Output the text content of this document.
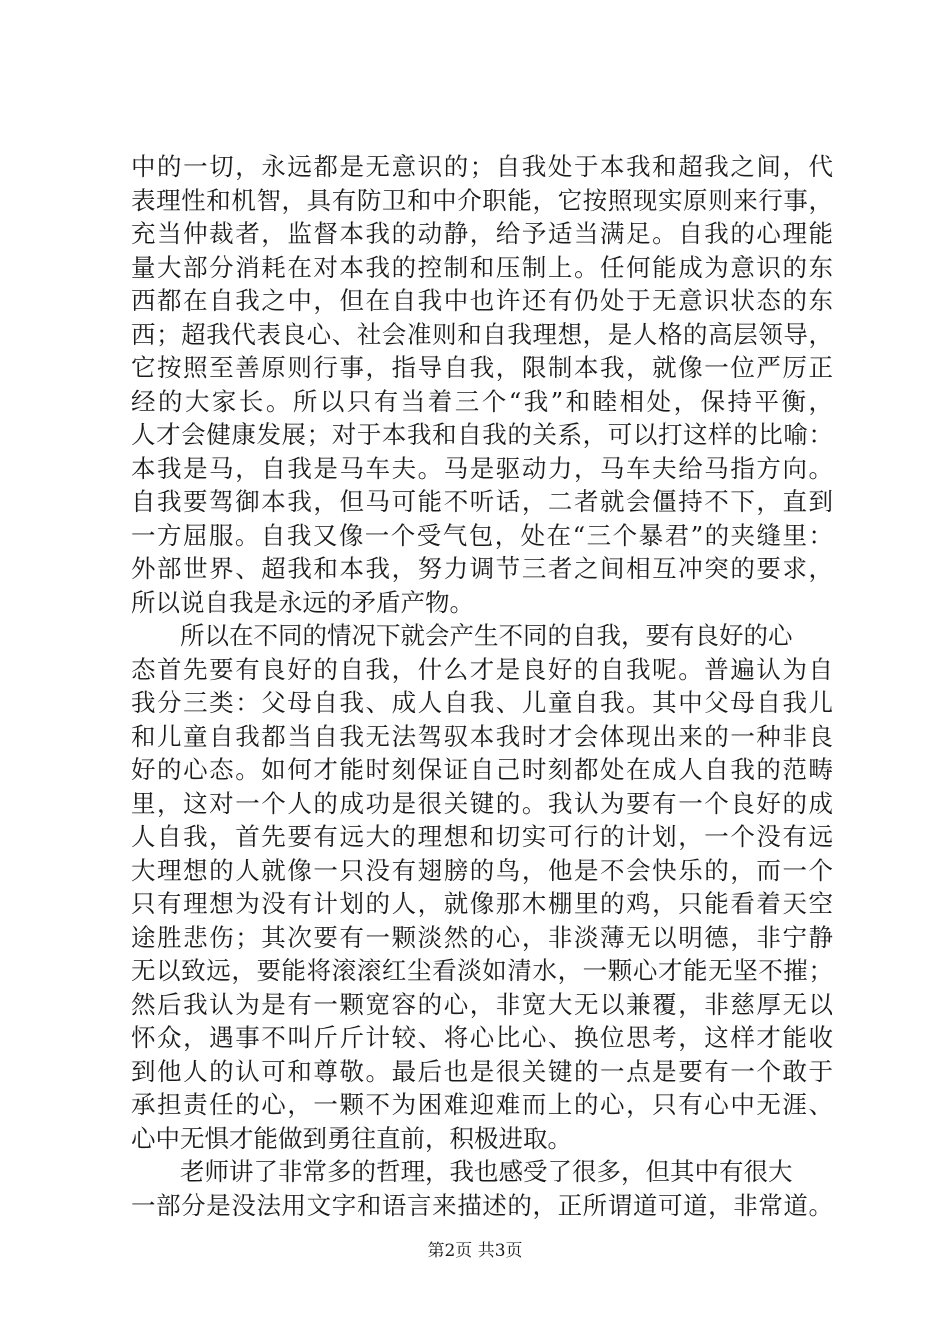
中的一切，永远都是无意识的；自我处于本我和超我之间，代
表理性和机智，具有防卫和中介职能，它按照现实原则来行事，
充当仲裁者，监督本我的动静，给予适当满足。自我的心理能
量大部分消耗在对本我的控制和压制上。任何能成为意识的东
西都在自我之中，但在自我中也许还有仍处于无意识状态的东
西；超我代表良心、社会准则和自我理想，是人格的高层领导，
它按照至善原则行事，指导自我，限制本我，就像一位严厉正
经的大家长。所以只有当着三个“我”和睦相处，保持平衡，
人才会健康发展；对于本我和自我的关系，可以打这样的比喻：
本我是马，自我是马车夫。马是驱动力，马车夫给马指方向。
自我要驾御本我，但马可能不听话，二者就会僵持不下，直到
一方屈服。自我又像一个受气包，处在“三个暴君”的夹缝里：
外部世界、超我和本我，努力调节三者之间相互冲突的要求，
所以说自我是永远的矛盾产物。
所以在不同的情况下就会产生不同的自我，要有良好的心
态首先要有良好的自我，什么才是良好的自我呢。普遍认为自
我分三类：父母自我、成人自我、儿童自我。其中父母自我儿
和儿童自我都当自我无法驾驭本我时才会体现出来的一种非良
好的心态。如何才能时刻保证自己时刻都处在成人自我的范畴
里，这对一个人的成功是很关键的。我认为要有一个良好的成
人自我，首先要有远大的理想和切实可行的计划，一个没有远
大理想的人就像一只没有翅膀的鸟，他是不会快乐的，而一个
只有理想为没有计划的人，就像那木棚里的鸡，只能看着天空
途胜悲伤；其次要有一颗淡然的心，非淡薄无以明德，非宁静
无以致远，要能将滚滚红尘看淡如清水，一颗心才能无坚不摧；
然后我认为是有一颗宽容的心，非宽大无以兼覆，非慈厚无以
怀众，遇事不叫斤斤计较、将心比心、换位思考，这样才能收
到他人的认可和尊敬。最后也是很关键的一点是要有一个敢于
承担责任的心，一颗不为困难迎难而上的心，只有心中无涯、
心中无惧才能做到勇往直前，积极进取。
老师讲了非常多的哲理，我也感受了很多，但其中有很大
一部分是没法用文字和语言来描述的，正所谓道可道，非常道。
第2页 共3页
